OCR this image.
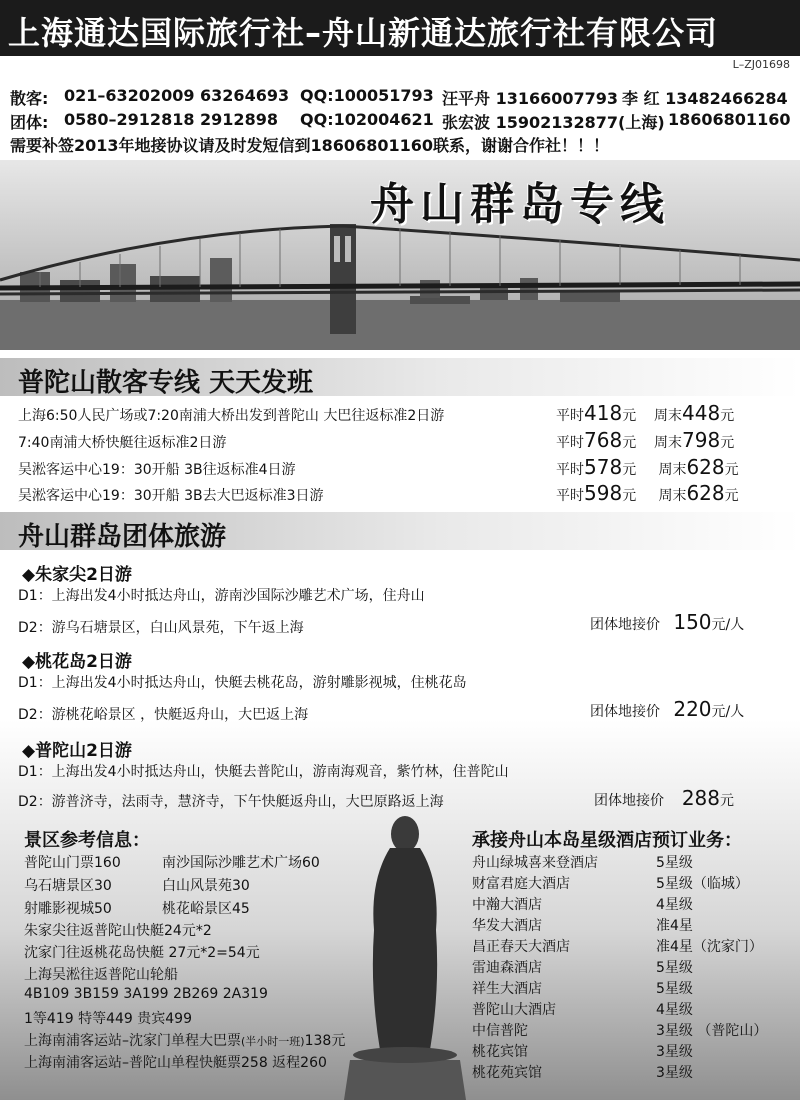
上海通达国际旅行社–舟山新通达旅行社有限公司
L–ZJ01698
散客: 021–63202009 63264693 QQ:100051793 汪平舟 13166007793 李 红 13482466284
团体: 0580–2912818 2912898 QQ:102004621 张宏波 15902132877(上海) 18606801160
需要补签2013年地接协议请及时发短信到18606801160联系，谢谢合作社！！！
舟山群岛专线
普陀山散客专线 天天发班
上海6:50人民广场或7:20南浦大桥出发到普陀山 大巴往返标准2日游	平时418元 周末448元
7:40南浦大桥快艇往返标准2日游	平时768元 周末798元
吴淞客运中心19：30开船 3B往返标准4日游	平时578元 周末628元
吴淞客运中心19：30开船 3B去大巴返标准3日游	平时598元 周末628元
舟山群岛团体旅游
◆朱家尖2日游
D1：上海出发4小时抵达舟山，游南沙国际沙雕艺术广场，住舟山
D2：游乌石塘景区，白山风景苑，下午返上海	团体地接价 150元/人
◆桃花岛2日游
D1：上海出发4小时抵达舟山，快艇去桃花岛，游射雕影视城，住桃花岛
D2：游桃花峪景区 ，快艇返舟山，大巴返上海	团体地接价 220元/人
◆普陀山2日游
D1：上海出发4小时抵达舟山，快艇去普陀山，游南海观音，紫竹林，住普陀山
D2：游普济寺，法雨寺，慧济寺，下午快艇返舟山，大巴原路返上海	团体地接价 288元
景区参考信息：
普陀山门票160	南沙国际沙雕艺术广场60
乌石塘景区30	白山风景苑30
射雕影视城50	桃花峪景区45
朱家尖往返普陀山快艇24元*2
沈家门往返桃花岛快艇 27元*2=54元
上海吴淞往返普陀山轮船
4B109 3B159 3A199 2B269 2A319
1等419 特等449 贵宾499
上海南浦客运站–沈家门单程大巴票(半小时一班)138元
上海南浦客运站–普陀山单程快艇票258 返程260
承接舟山本岛星级酒店预订业务：
舟山绿城喜来登酒店	5星级
财富君庭大酒店	5星级（临城）
中瀚大酒店	4星级
华发大酒店	准4星
昌正春天大酒店	准4星（沈家门）
雷迪森酒店	5星级
祥生大酒店	5星级
普陀山大酒店	4星级
中信普陀	3星级 （普陀山）
桃花宾馆	3星级
桃花苑宾馆	3星级
